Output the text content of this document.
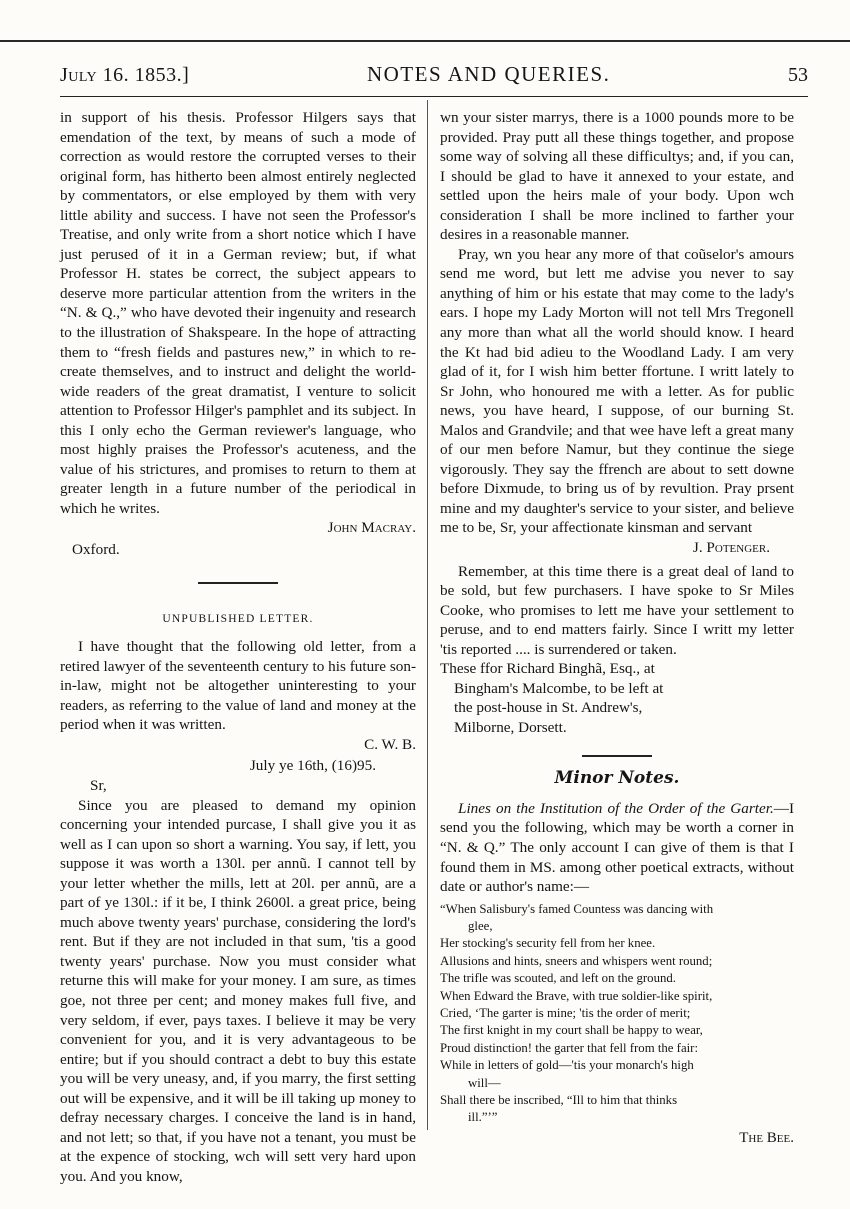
July 16. 1853.]	NOTES AND QUERIES.	53

in support of his thesis. Professor Hilgers says that emendation of the text, by means of such a mode of correction as would restore the corrupted verses to their original form, has hitherto been almost entirely neglected by commentators, or else employed by them with very little ability and success. I have not seen the Professor's Treatise, and only write from a short notice which I have just perused of it in a German review; but, if what Professor H. states be correct, the subject appears to deserve more particular attention from the writers in the “N. & Q.,” who have devoted their ingenuity and research to the illustration of Shakspeare. In the hope of attracting them to “fresh fields and pastures new,” in which to re-create themselves, and to instruct and delight the world-wide readers of the great dramatist, I venture to solicit attention to Professor Hilger's pamphlet and its subject. In this I only echo the German reviewer's language, who most highly praises the Professor's acuteness, and the value of his strictures, and promises to return to them at greater length in a future number of the periodical in which he writes.

John Macray.

Oxford.

UNPUBLISHED LETTER.

I have thought that the following old letter, from a retired lawyer of the seventeenth century to his future son-in-law, might not be altogether uninteresting to your readers, as referring to the value of land and money at the period when it was written.

C. W. B.

July ye 16th, (16)95.

Sr,

Since you are pleased to demand my opinion concerning your intended purcase, I shall give you it as well as I can upon so short a warning. You say, if lett, you suppose it was worth a 130l. per annũ. I cannot tell by your letter whether the mills, lett at 20l. per annũ, are a part of ye 130l.: if it be, I think 2600l. a great price, being much above twenty years' purchase, considering the lord's rent. But if they are not included in that sum, 'tis a good twenty years' purchase. Now you must consider what returne this will make for your money. I am sure, as times goe, not three per cent; and money makes full five, and very seldom, if ever, pays taxes. I believe it may be very convenient for you, and it is very advantageous to be entire; but if you should contract a debt to buy this estate you will be very uneasy, and, if you marry, the first setting out will be expensive, and it will be ill taking up money to defray necessary charges. I conceive the land is in hand, and not lett; so that, if you have not a tenant, you must be at the expence of stocking, wch will sett very hard upon you. And you know,

wn your sister marrys, there is a 1000 pounds more to be provided. Pray putt all these things together, and propose some way of solving all these difficultys; and, if you can, I should be glad to have it annexed to your estate, and settled upon the heirs male of your body. Upon wch consideration I shall be more inclined to farther your desires in a reasonable manner.

Pray, wn you hear any more of that coũselor's amours send me word, but lett me advise you never to say anything of him or his estate that may come to the lady's ears. I hope my Lady Morton will not tell Mrs Tregonell any more than what all the world should know. I heard the Kt had bid adieu to the Woodland Lady. I am very glad of it, for I wish him better ffortune. I writt lately to Sr John, who honoured me with a letter. As for public news, you have heard, I suppose, of our burning St. Malos and Grandvile; and that wee have left a great many of our men before Namur, but they continue the siege vigorously. They say the ffrench are about to sett downe before Dixmude, to bring us of by revultion. Pray prsent mine and my daughter's service to your sister, and believe me to be, Sr, your affectionate kinsman and servant

J. Potenger.

Remember, at this time there is a great deal of land to be sold, but few purchasers. I have spoke to Sr Miles Cooke, who promises to lett me have your settlement to peruse, and to end matters fairly. Since I writt my letter 'tis reported .... is surrendered or taken.

These ffor Richard Binghã, Esq., at
Bingham's Malcombe, to be left at
the post-house in St. Andrew's,
Milborne, Dorsett.
Minor Notes.

Lines on the Institution of the Order of the Garter.—I send you the following, which may be worth a corner in “N. & Q.” The only account I can give of them is that I found them in MS. among other poetical extracts, without date or author's name:—

“When Salisbury's famed Countess was dancing with
glee,
Her stocking's security fell from her knee.
Allusions and hints, sneers and whispers went round;
The trifle was scouted, and left on the ground.
When Edward the Brave, with true soldier-like spirit,
Cried, ‘The garter is mine; 'tis the order of merit;
The first knight in my court shall be happy to wear,
Proud distinction! the garter that fell from the fair:
While in letters of gold—'tis your monarch's high
will—
Shall there be inscribed, “Ill to him that thinks
ill.”’”
The Bee.
